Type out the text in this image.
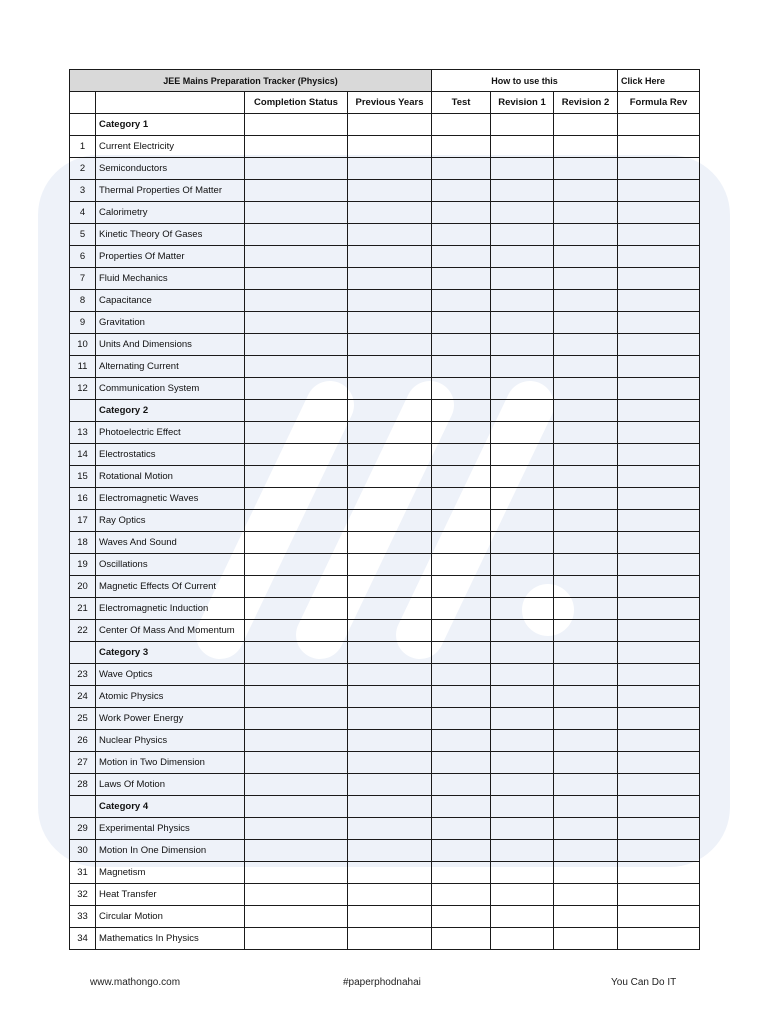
JEE Mains Preparation Tracker (Physics)				How to use this			Click Here
		Completion Status	Previous Years	Test	Revision 1	Revision 2	Formula Rev
	Category 1						
1	Current Electricity						
2	Semiconductors						
3	Thermal Properties Of Matter						
4	Calorimetry						
5	Kinetic Theory Of Gases						
6	Properties Of Matter						
7	Fluid Mechanics						
8	Capacitance						
9	Gravitation						
10	Units And Dimensions						
11	Alternating Current						
12	Communication System						
	Category 2						
13	Photoelectric Effect						
14	Electrostatics						
15	Rotational Motion						
16	Electromagnetic Waves						
17	Ray Optics						
18	Waves And Sound						
19	Oscillations						
20	Magnetic Effects Of Current						
21	Electromagnetic Induction						
22	Center Of Mass And Momentum						
	Category 3						
23	Wave Optics						
24	Atomic Physics						
25	Work Power Energy						
26	Nuclear Physics						
27	Motion in Two Dimension						
28	Laws Of Motion						
	Category 4						
29	Experimental Physics						
30	Motion In One Dimension						
31	Magnetism						
32	Heat Transfer						
33	Circular Motion						
34	Mathematics In Physics						
www.mathongo.com	#paperphodnahai	You Can Do IT
